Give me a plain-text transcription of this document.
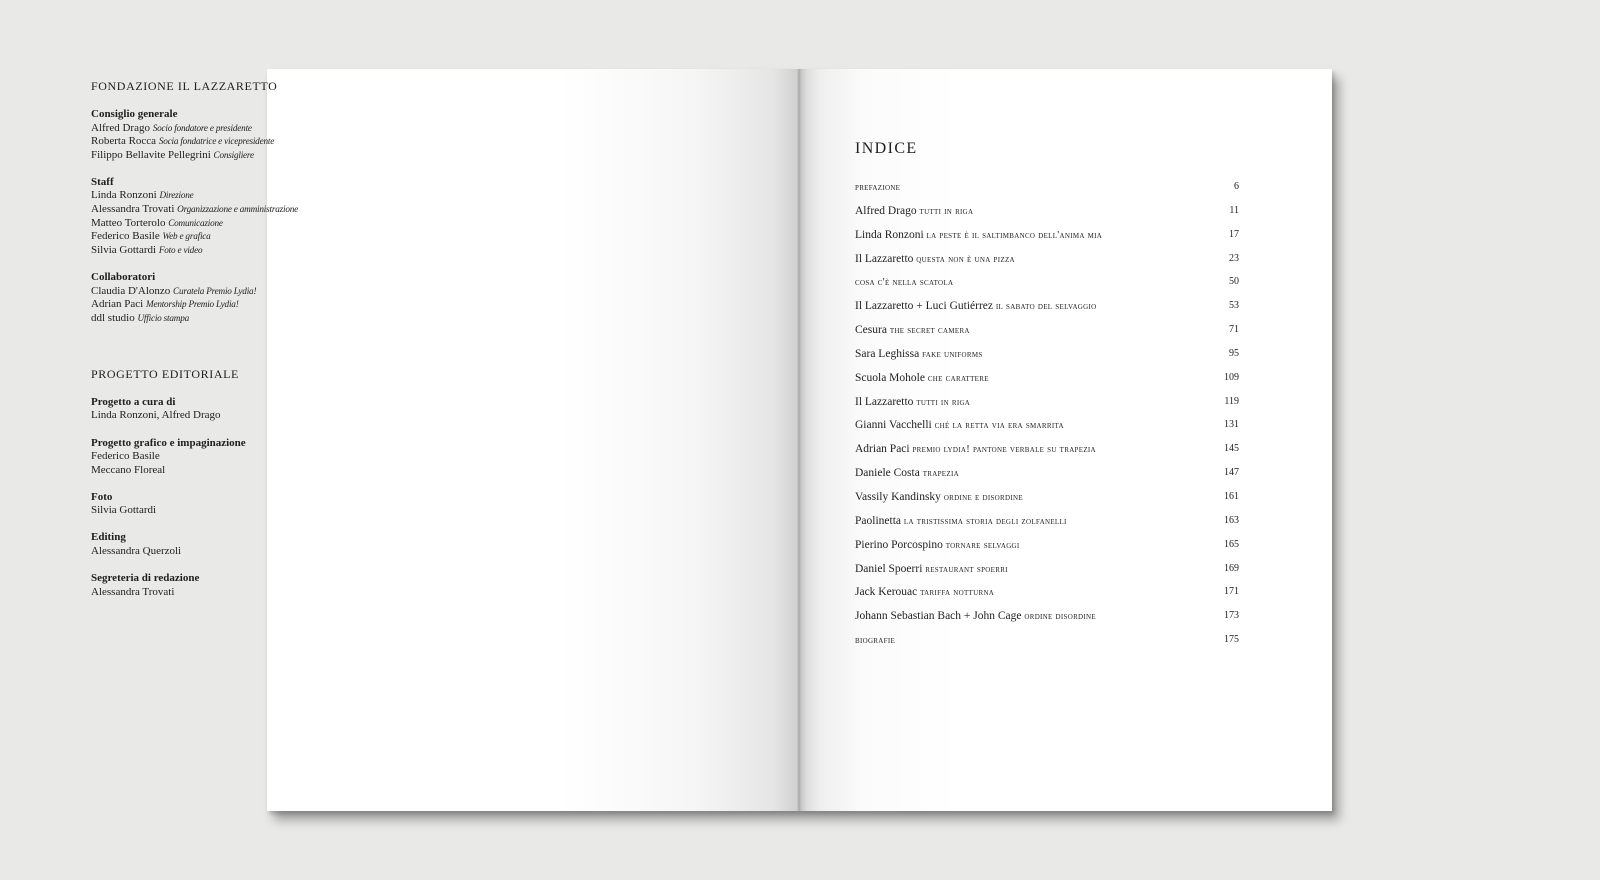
FONDAZIONE IL LAZZARETTO
Consiglio generale
Alfred Drago Socio fondatore e presidente
Roberta Rocca Socia fondatrice e vicepresidente
Filippo Bellavite Pellegrini Consigliere
Staff
Linda Ronzoni Direzione
Alessandra Trovati Organizzazione e amministrazione
Matteo Torterolo Comunicazione
Federico Basile Web e grafica
Silvia Gottardi Foto e video
Collaboratori
Claudia D'Alonzo Curatela Premio Lydia!
Adrian Paci Mentorship Premio Lydia!
ddl studio Ufficio stampa
PROGETTO EDITORIALE
Progetto a cura di
Linda Ronzoni, Alfred Drago
Progetto grafico e impaginazione
Federico Basile
Meccano Floreal
Foto
Silvia Gottardi
Editing
Alessandra Querzoli
Segreteria di redazione
Alessandra Trovati
INDICE
prefazione	6
Alfred Drago tutti in riga	11
Linda Ronzoni la peste è il saltimbanco dell'anima mia	17
Il Lazzaretto questa non è una pizza	23
cosa c'è nella scatola	50
Il Lazzaretto + Luci Gutiérrez il sabato del selvaggio	53
Cesura the secret camera	71
Sara Leghissa fake uniforms	95
Scuola Mohole che carattere	109
Il Lazzaretto tutti in riga	119
Gianni Vacchelli ché la retta via era smarrita	131
Adrian Paci premio lydia! pantone verbale su trapezia	145
Daniele Costa trapezia	147
Vassily Kandinsky ordine e disordine	161
Paolinetta la tristissima storia degli zolfanelli	163
Pierino Porcospino tornare selvaggi	165
Daniel Spoerri restaurant spoerri	169
Jack Kerouac tariffa notturna	171
Johann Sebastian Bach + John Cage ordine disordine	173
biografie	175
